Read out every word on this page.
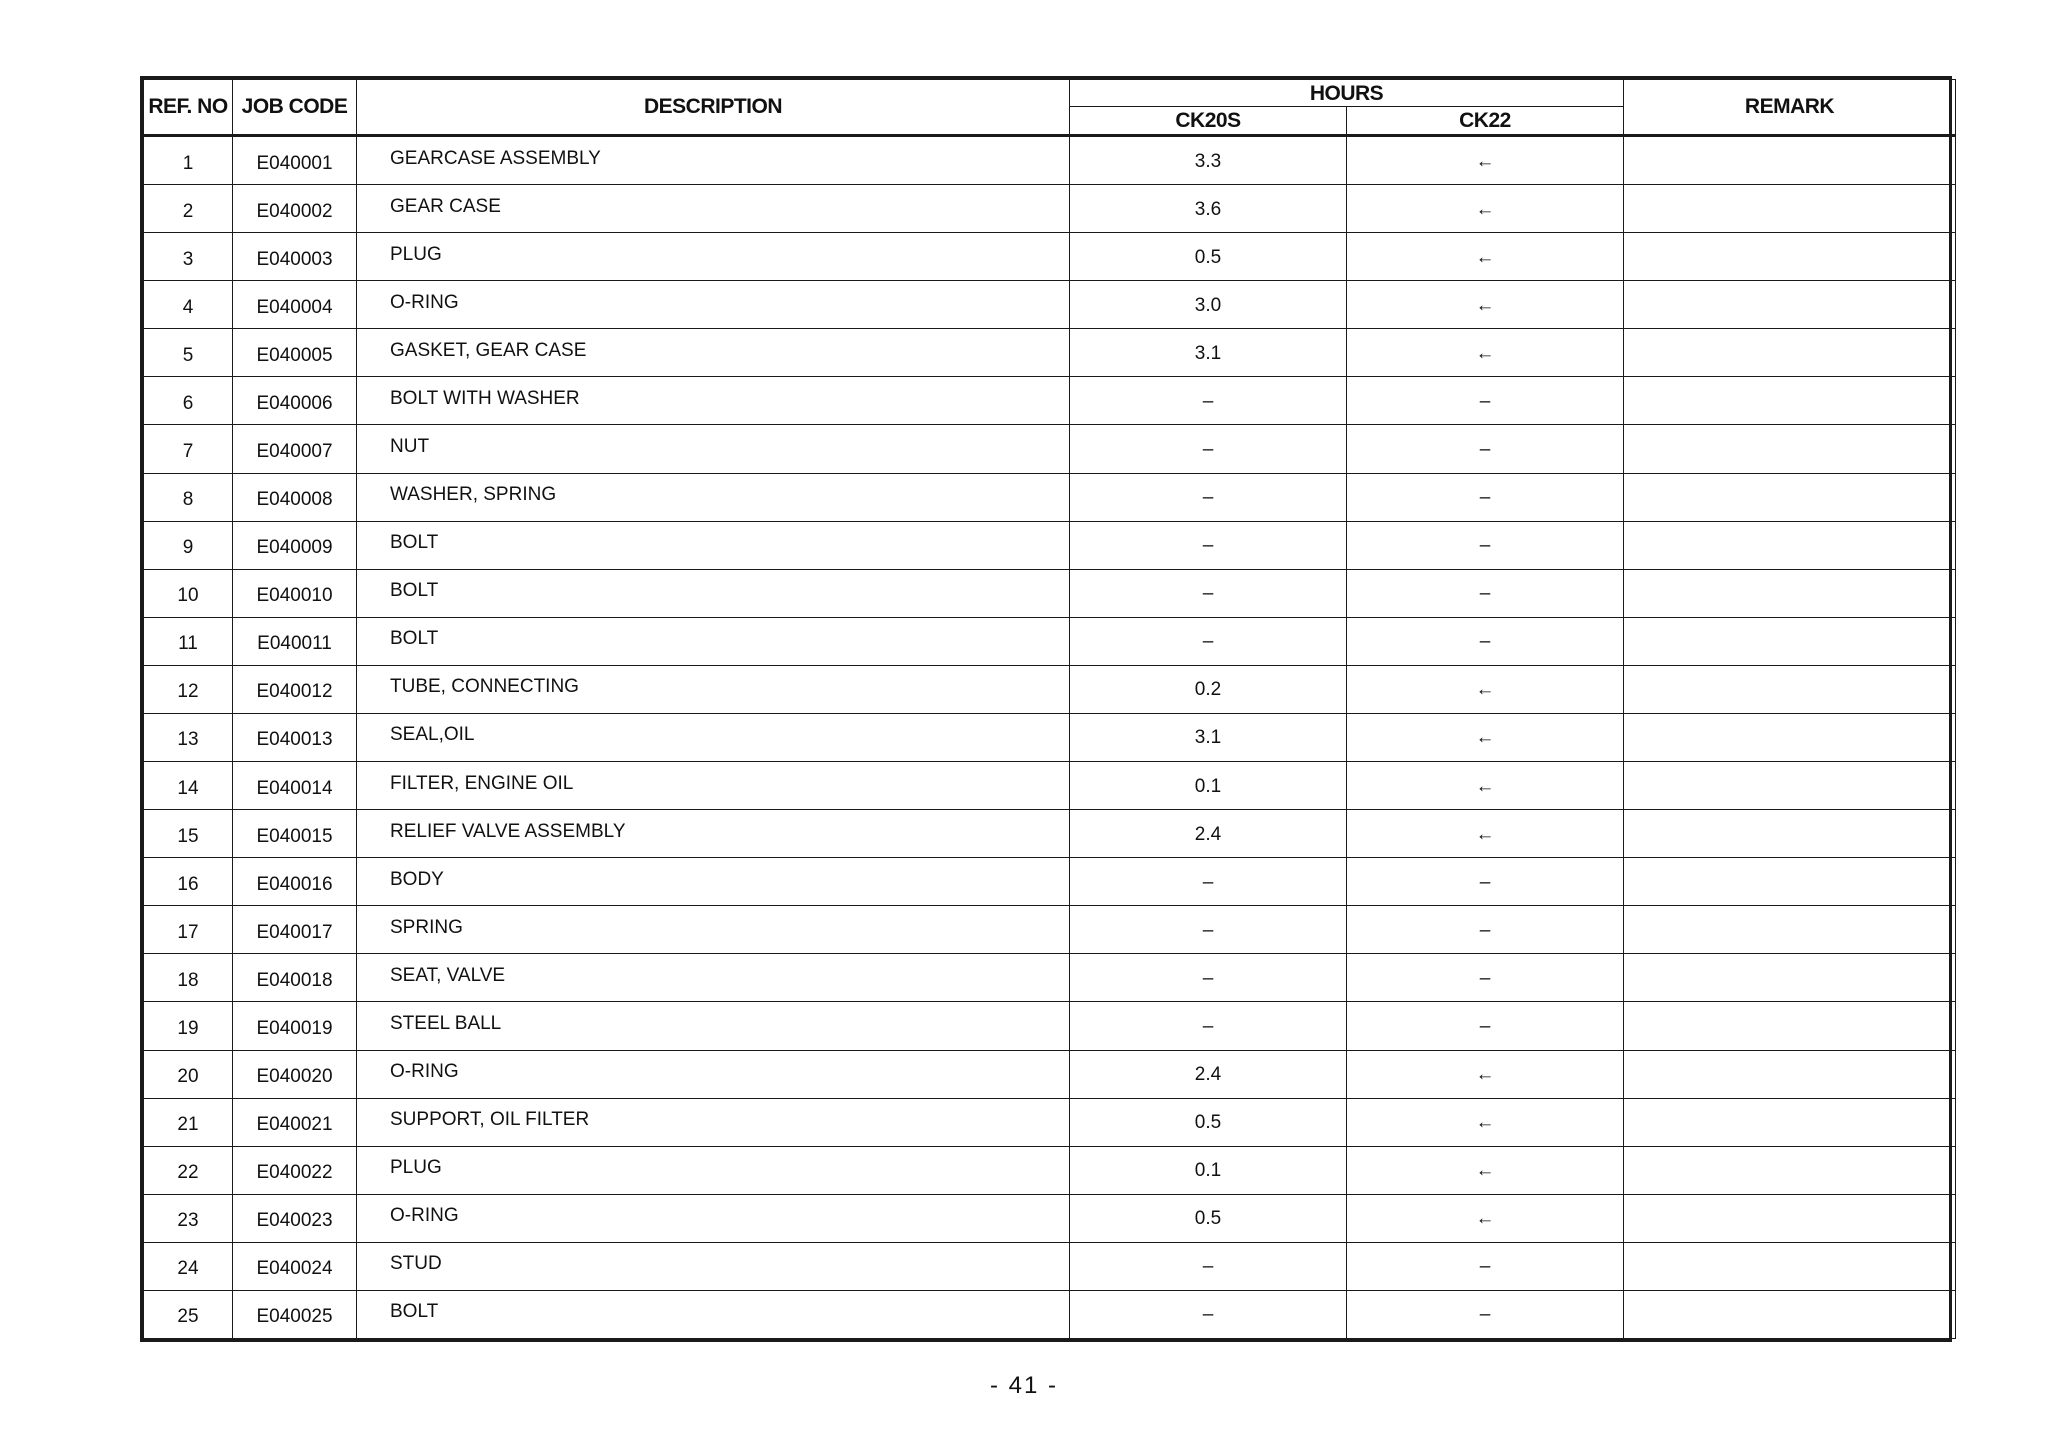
REF. NO	JOB CODE	DESCRIPTION	HOURS		REMARK
			CK20S	CK22	
1	E040001	GEARCASE ASSEMBLY	3.3	←	
2	E040002	GEAR CASE	3.6	←	
3	E040003	PLUG	0.5	←	
4	E040004	O-RING	3.0	←	
5	E040005	GASKET, GEAR CASE	3.1	←	
6	E040006	BOLT WITH WASHER	–	–	
7	E040007	NUT	–	–	
8	E040008	WASHER, SPRING	–	–	
9	E040009	BOLT	–	–	
10	E040010	BOLT	–	–	
11	E040011	BOLT	–	–	
12	E040012	TUBE, CONNECTING	0.2	←	
13	E040013	SEAL,OIL	3.1	←	
14	E040014	FILTER, ENGINE OIL	0.1	←	
15	E040015	RELIEF VALVE ASSEMBLY	2.4	←	
16	E040016	BODY	–	–	
17	E040017	SPRING	–	–	
18	E040018	SEAT, VALVE	–	–	
19	E040019	STEEL BALL	–	–	
20	E040020	O-RING	2.4	←	
21	E040021	SUPPORT, OIL FILTER	0.5	←	
22	E040022	PLUG	0.1	←	
23	E040023	O-RING	0.5	←	
24	E040024	STUD	–	–	
25	E040025	BOLT	–	–	
- 41 -
